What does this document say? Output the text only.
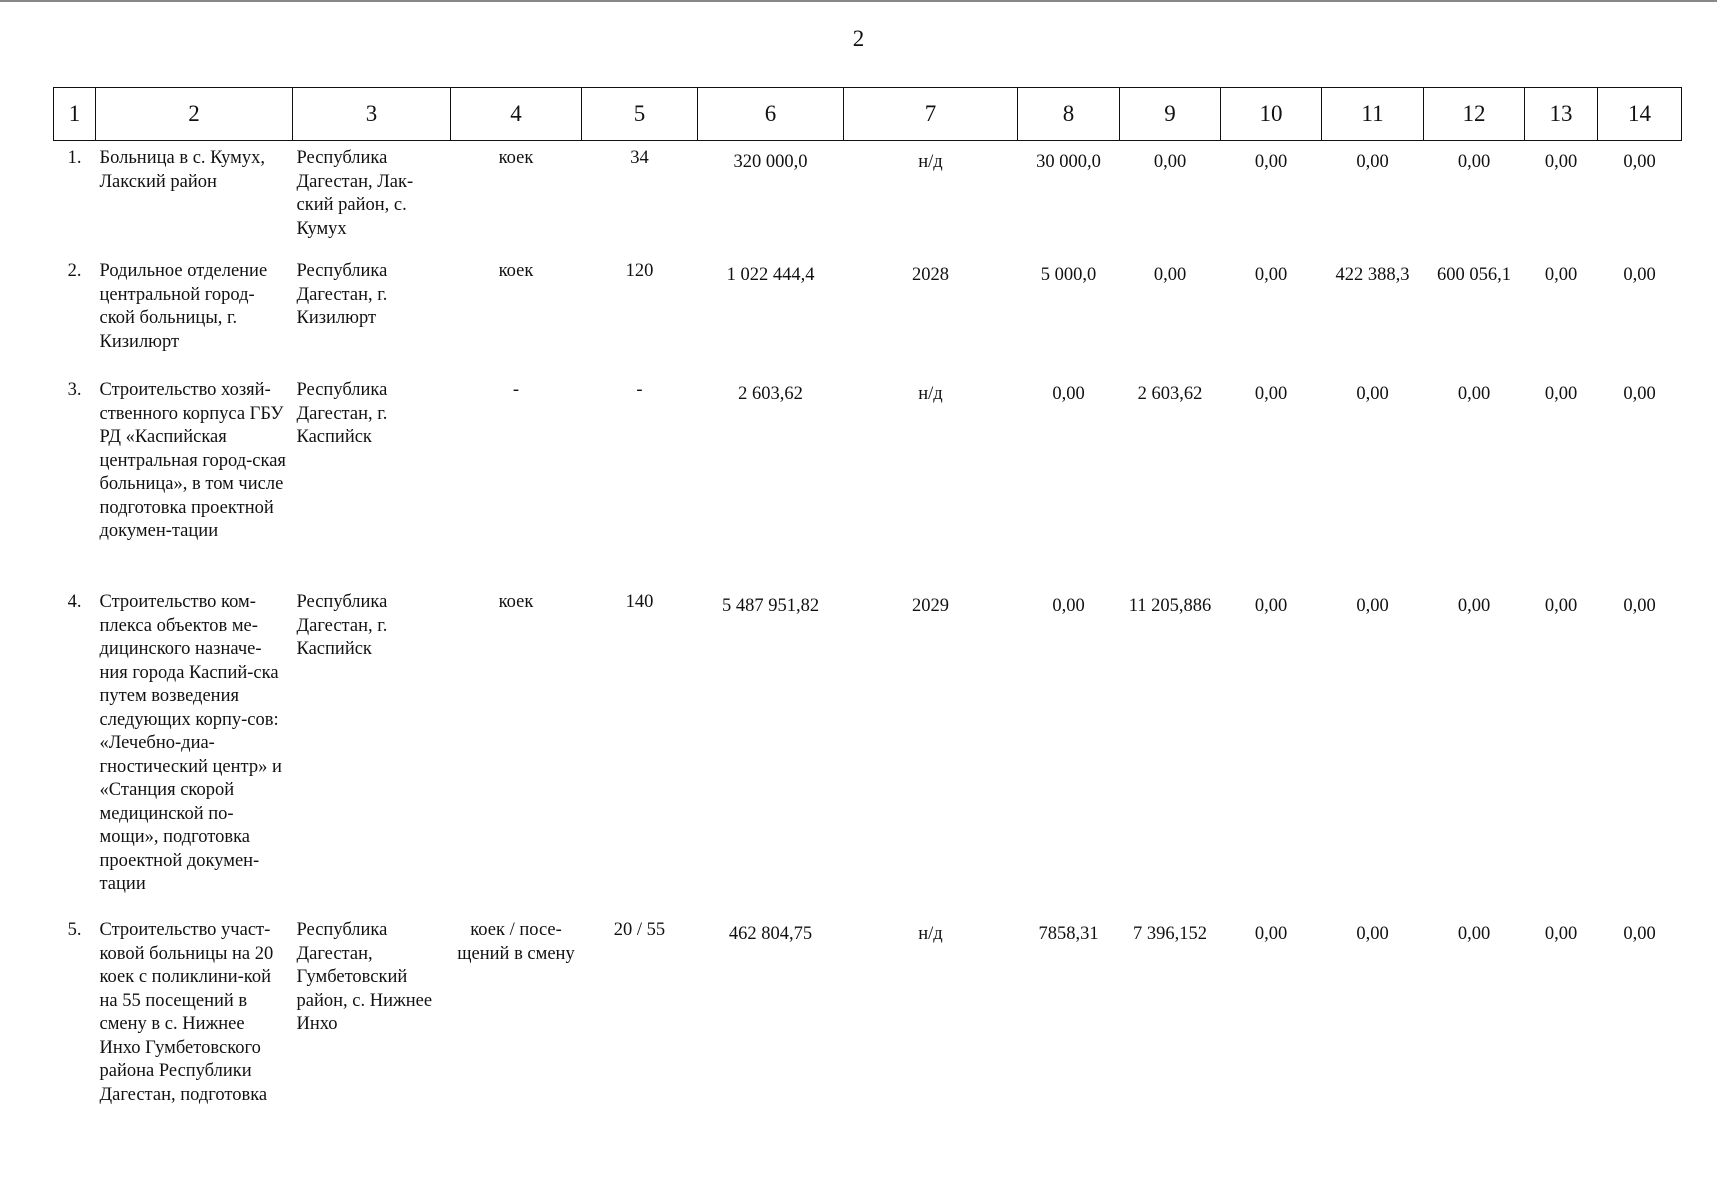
2
1	2	3	4	5	6	7	8	9	10	11	12	13	14
1.	Больница в с. Кумух, Лакский район	Республика Дагестан, Лак-ский район, с. Кумух	коек	34	320 000,0	н/д	30 000,0	0,00	0,00	0,00	0,00	0,00	0,00
2.	Родильное отделение центральной город-ской больницы, г. Кизилюрт	Республика Дагестан, г. Кизилюрт	коек	120	1 022 444,4	2028	5 000,0	0,00	0,00	422 388,3	600 056,1	0,00	0,00
3.	Строительство хозяй-ственного корпуса ГБУ РД «Каспийская центральная город-ская больница», в том числе подготовка проектной докумен-тации	Республика Дагестан, г. Каспийск	-	-	2 603,62	н/д	0,00	2 603,62	0,00	0,00	0,00	0,00	0,00
4.	Строительство ком-плекса объектов ме-дицинского назначе-ния города Каспий-ска путем возведения следующих корпу-сов: «Лечебно-диа-гностический центр» и «Станция скорой медицинской по-мощи», подготовка проектной докумен-тации	Республика Дагестан, г. Каспийск	коек	140	5 487 951,82	2029	0,00	11 205,886	0,00	0,00	0,00	0,00	0,00
5.	Строительство участ-ковой больницы на 20 коек с поликлини-кой на 55 посещений в смену в с. Нижнее Инхо Гумбетовского района Республики Дагестан, подготовка	Республика Дагестан, Гумбетовский район, с. Нижнее Инхо	коек / посе-щений в смену	20 / 55	462 804,75	н/д	7858,31	7 396,152	0,00	0,00	0,00	0,00	0,00
